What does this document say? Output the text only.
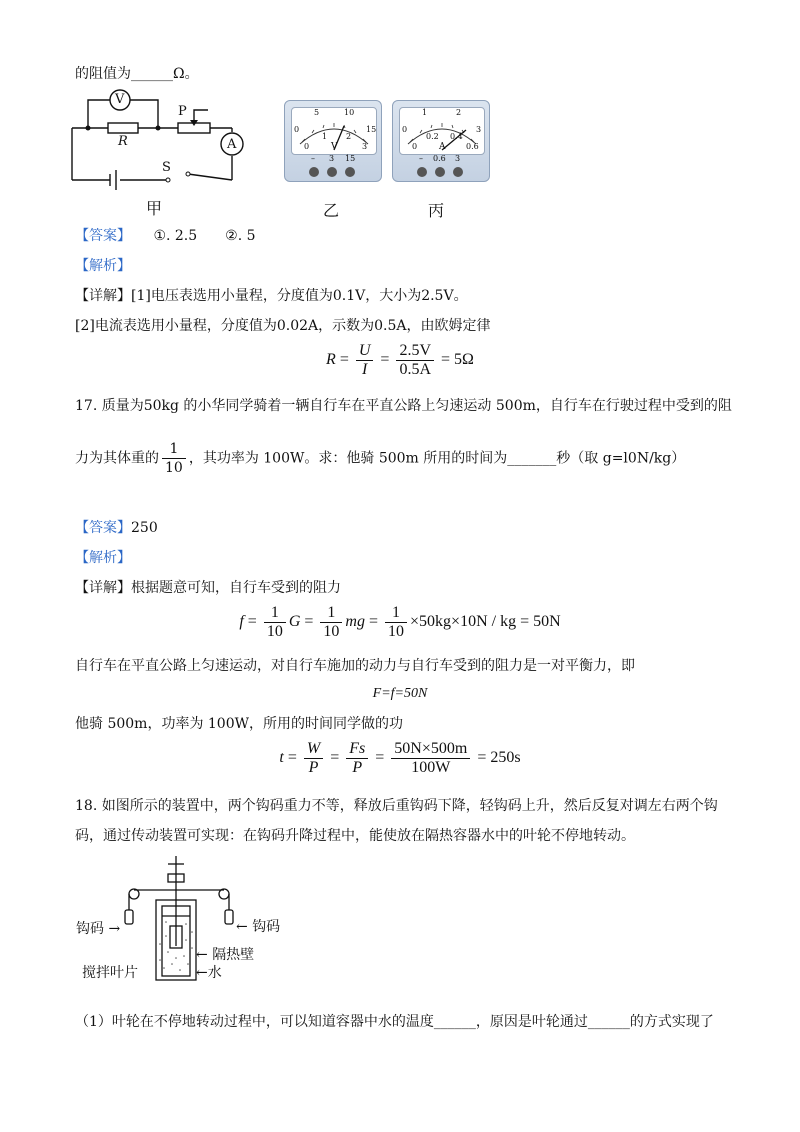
的阻值为______Ω。
V
P
R	A
S
5	10
0	15
0
1 2
3
V
– 3 15
1	2
0	3
0
0.2 0.4
0.6
A
– 0.6 3
甲	乙	丙
【答案】 ①. 2.5　　②. 5
【解析】
【详解】[1]电压表选用小量程，分度值为0.1V，大小为2.5V。
[2]电流表选用小量程，分度值为0.02A，示数为0.5A，由欧姆定律
$R = \frac{U}{I} = \frac{2.5V}{0.5A} = 5\Omega$
17. 质量为50kg 的小华同学骑着一辆自行车在平直公路上匀速运动 500m，自行车在行驶过程中受到的阻
力为其体重的 $\frac{1}{10}$ ，其功率为 100W。求：他骑 500m 所用的时间为_______秒（取 g=l0N/kg）
【答案】250
【解析】
【详解】根据题意可知，自行车受到的阻力
$f = \frac{1}{10}$ $G = \frac{1}{10}$ mg = $\frac{1}{10} \times 50kg\times 10N$ / kg = 50N
自行车在平直公路上匀速运动，对自行车施加的动力与自行车受到的阻力是一对平衡力，即
F=f=50N
他骑 500m，功率为 100W，所用的时间同学做的功
$t = \frac{W}{P} = \frac{Fs}{P} = \frac{50N\times 500m}{100W} = 250s$
18. 如图所示的装置中，两个钩码重力不等，释放后重钩码下降，轻钩码上升，然后反复对调左右两个钩
码，通过传动装置可实现：在钩码升降过程中，能使放在隔热容器水中的叶轮不停地转动。
钩码 →	← 钩码
← 隔热壁
搅拌叶片	←水
（1）叶轮在不停地转动过程中，可以知道容器中水的温度______，原因是叶轮通过______的方式实现了
